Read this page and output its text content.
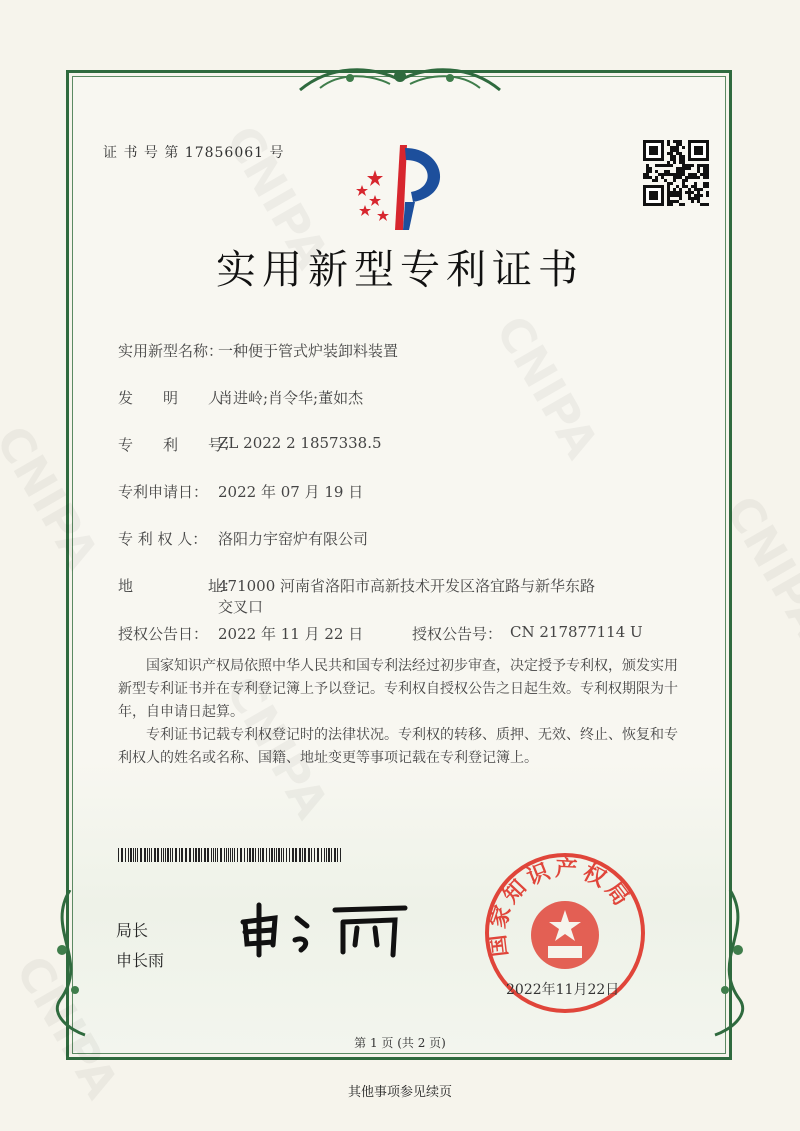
证 书 号 第 17856061 号
实用新型专利证书
实用新型名称：
一种便于管式炉装卸料装置
发　　明　　人：
肖进岭;肖令华;董如杰
专　　利　　号：
ZL 2022 2 1857338.5
专利申请日： 2022 年 07 月 19 日
专 利 权 人： 洛阳力宇窑炉有限公司
地　　　　　址：
471000 河南省洛阳市高新技术开发区洛宜路与新华东路
交叉口
授权公告日： 2022 年 11 月 22 日	授权公告号： CN 217877114 U
国家知识产权局依照中华人民共和国专利法经过初步审查，决定授予专利权，颁发实用新型专利证书并在专利登记簿上予以登记。专利权自授权公告之日起生效。专利权期限为十年，自申请日起算。
专利证书记载专利权登记时的法律状况。专利权的转移、质押、无效、终止、恢复和专利权人的姓名或名称、国籍、地址变更等事项记载在专利登记簿上。
局长
申长雨
国家知识产权局
2022年11月22日
第 1 页 (共 2 页)
其他事项参见续页
